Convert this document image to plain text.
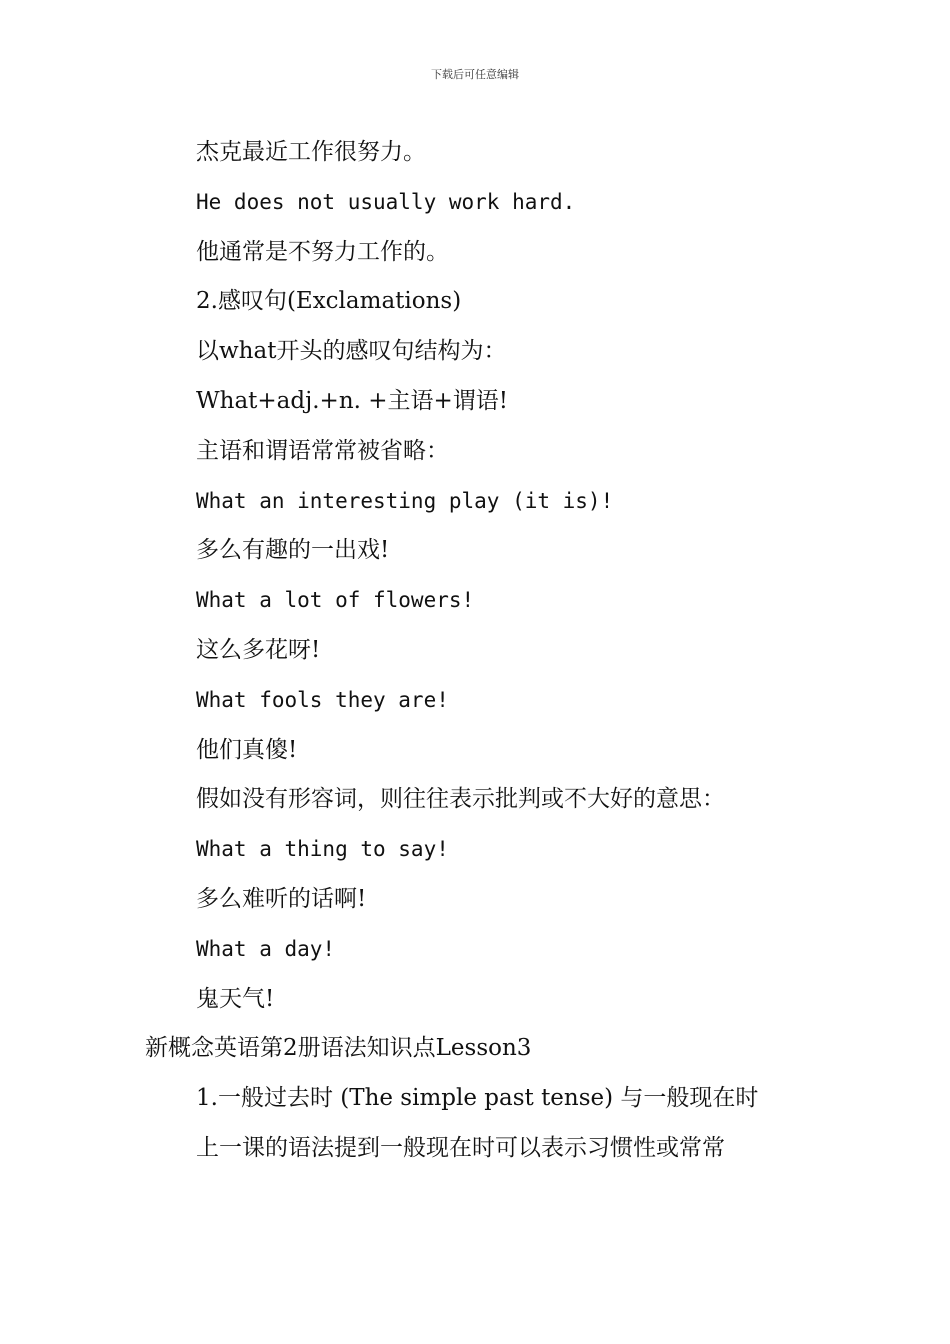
下载后可任意编辑
杰克最近工作很努力。
He does not usually work hard.
他通常是不努力工作的。
2.感叹句(Exclamations)
以what开头的感叹句结构为：
What+adj.+n. +主语+谓语!
主语和谓语常常被省略：
What an interesting play (it is)!
多么有趣的一出戏!
What a lot of flowers!
这么多花呀!
What fools they are!
他们真傻!
假如没有形容词，则往往表示批判或不大好的意思：
What a thing to say!
多么难听的话啊!
What a day!
鬼天气!
新概念英语第2册语法知识点Lesson3
1.一般过去时 (The simple past tense) 与一般现在时
上一课的语法提到一般现在时可以表示习惯性或常常
